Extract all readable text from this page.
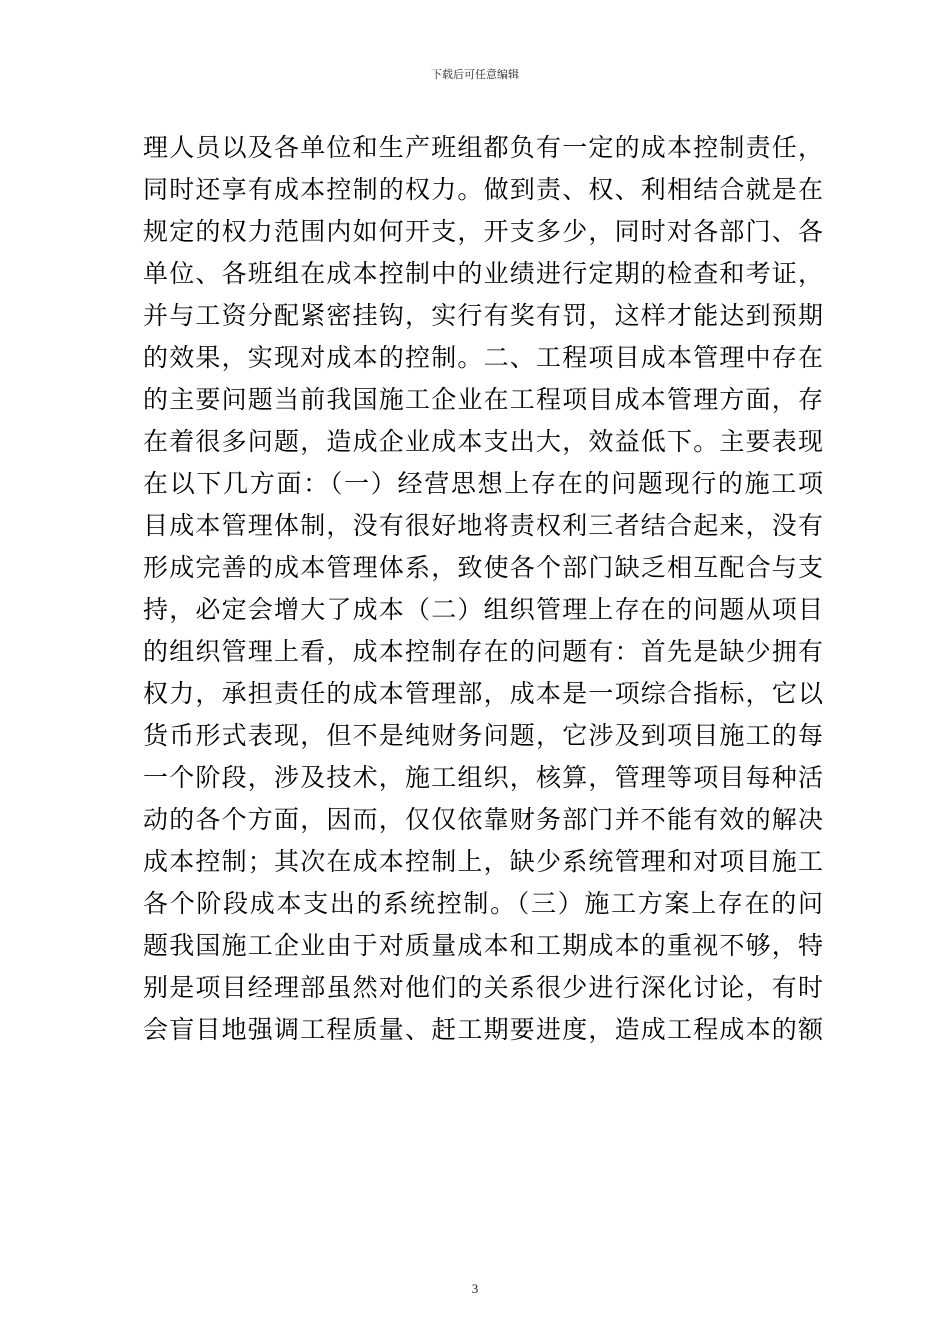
下载后可任意编辑
理人员以及各单位和生产班组都负有一定的成本控制责任，
同时还享有成本控制的权力。做到责、权、利相结合就是在
规定的权力范围内如何开支，开支多少，同时对各部门、各
单位、各班组在成本控制中的业绩进行定期的检查和考证，
并与工资分配紧密挂钩，实行有奖有罚，这样才能达到预期
的效果，实现对成本的控制。二、工程项目成本管理中存在
的主要问题当前我国施工企业在工程项目成本管理方面，存
在着很多问题，造成企业成本支出大，效益低下。主要表现
在以下几方面：（一）经营思想上存在的问题现行的施工项
目成本管理体制，没有很好地将责权利三者结合起来，没有
形成完善的成本管理体系，致使各个部门缺乏相互配合与支
持，必定会增大了成本（二）组织管理上存在的问题从项目
的组织管理上看，成本控制存在的问题有：首先是缺少拥有
权力，承担责任的成本管理部，成本是一项综合指标，它以
货币形式表现，但不是纯财务问题，它涉及到项目施工的每
一个阶段，涉及技术，施工组织，核算，管理等项目每种活
动的各个方面，因而，仅仅依靠财务部门并不能有效的解决
成本控制；其次在成本控制上，缺少系统管理和对项目施工
各个阶段成本支出的系统控制。（三）施工方案上存在的问
题我国施工企业由于对质量成本和工期成本的重视不够，特
别是项目经理部虽然对他们的关系很少进行深化讨论，有时
会盲目地强调工程质量、赶工期要进度，造成工程成本的额
3
